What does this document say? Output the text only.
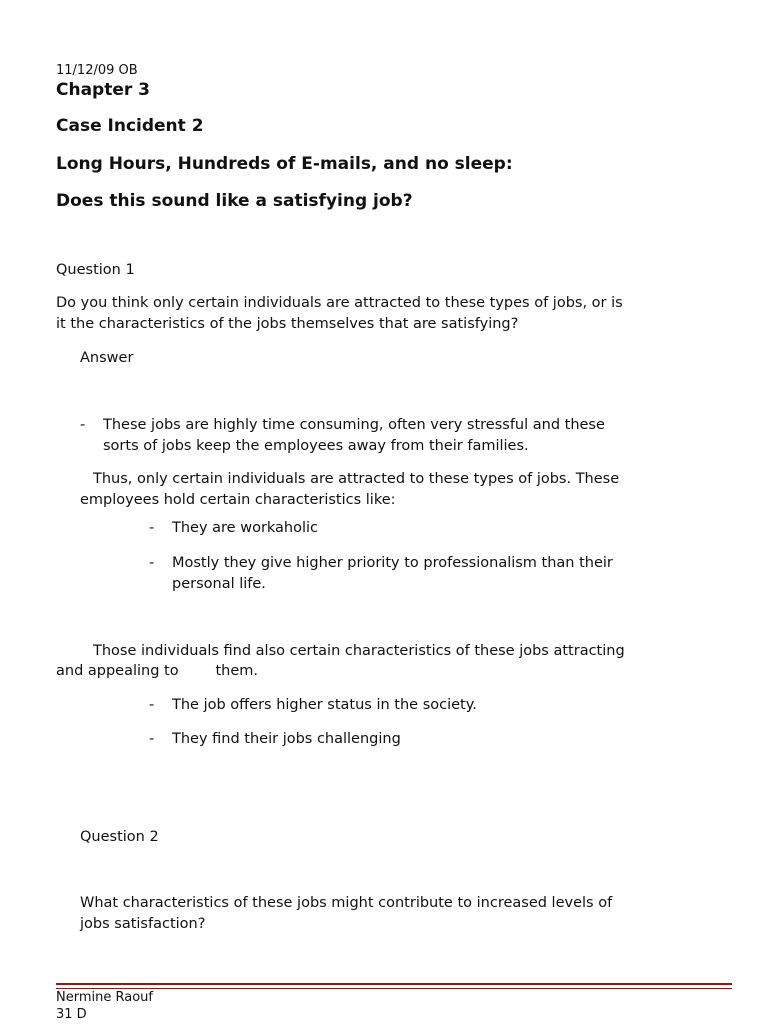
11/12/09 OB
Chapter 3
Case Incident 2
Long Hours, Hundreds of E-mails, and no sleep:
Does this sound like a satisfying job?
Question 1
Do you think only certain individuals are attracted to these types of jobs, or is
it the characteristics of the jobs themselves that are satisfying?
Answer
- These jobs are highly time consuming, often very stressful and these
sorts of jobs keep the employees away from their families.
Thus, only certain individuals are attracted to these types of jobs. These
employees hold certain characteristics like:
- They are workaholic
- Mostly they give higher priority to professionalism than their
personal life.
Those individuals find also certain characteristics of these jobs attracting
and appealing to        them.
- The job offers higher status in the society.
- They find their jobs challenging
Question 2
What characteristics of these jobs might contribute to increased levels of
jobs satisfaction?
Nermine Raouf
31 D
